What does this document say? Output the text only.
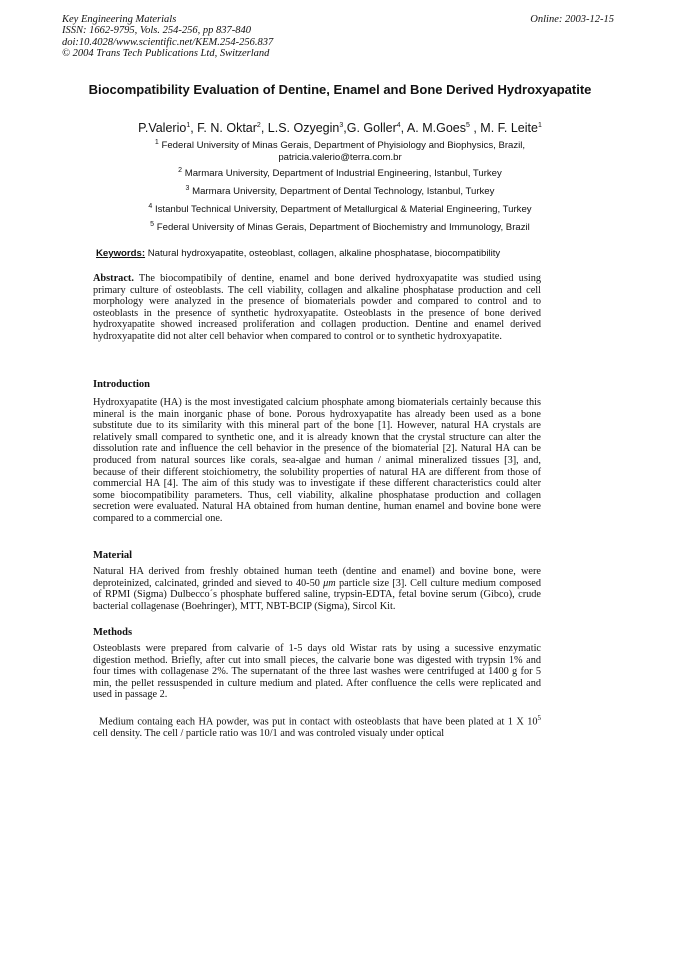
Key Engineering Materials
ISSN: 1662-9795, Vols. 254-256, pp 837-840
doi:10.4028/www.scientific.net/KEM.254-256.837
© 2004 Trans Tech Publications Ltd, Switzerland
Online: 2003-12-15
Biocompatibility Evaluation of Dentine, Enamel and Bone Derived Hydroxyapatite
P.Valerio$^1$, F. N. Oktar$^2$, L.S. Ozyegin$^3$,G. Goller$^4$, A. M.Goes$^5$ , M. F. Leite$^1$
$^1$ Federal University of Minas Gerais, Department of Phyisiology and Biophysics, Brazil,
patricia.valerio@terra.com.br
$^2$ Marmara University, Department of Industrial Engineering, Istanbul, Turkey
$^3$ Marmara University, Department of Dental Technology, Istanbul, Turkey
$^4$ Istanbul Technical University, Department of Metallurgical & Material Engineering, Turkey
$^5$ Federal University of Minas Gerais, Department of Biochemistry and Immunology, Brazil
Keywords: Natural hydroxyapatite, osteoblast, collagen, alkaline phosphatase, biocompatibility
Abstract. The biocompatibily of dentine, enamel and bone derived hydroxyapatite was studied using primary culture of osteoblasts. The cell viability, collagen and alkaline phosphatase production and cell morphology were analyzed in the presence of biomaterials powder and compared to control and to osteoblasts in the presence of synthetic hydroxyapatite. Osteoblasts in the presence of bone derived hydroxyapatite showed increased proliferation and collagen production. Dentine and enamel derived hydroxyapatite did not alter cell behavior when compared to control or to synthetic hydroxyapatite.
Introduction
Hydroxyapatite (HA) is the most investigated calcium phosphate among biomaterials certainly because this mineral is the main inorganic phase of bone. Porous hydroxyapatite has already been used as a bone substitute due to its similarity with this mineral part of the bone [1]. However, natural HA crystals are relatively small compared to synthetic one, and it is already known that the crystal structure can alter the dissolution rate and influence the cell behavior in the presence of the biomaterial [2]. Natural HA can be produced from natural sources like corals, sea-algae and human / animal mineralized tissues [3], and, because of their different stoichiometry, the solubility properties of natural HA are different from those of commercial HA [4]. The aim of this study was to investigate if these different characteristics could alter some biocompatibility parameters. Thus, cell viability, alkaline phosphatase production and collagen secretion were evaluated. Natural HA obtained from human dentine, human enamel and bovine bone were compared to a commercial one.
Material
Natural HA derived from freshly obtained human teeth (dentine and enamel) and bovine bone, were deproteinized, calcinated, grinded and sieved to 40-50 μm particle size [3]. Cell culture medium composed of RPMI (Sigma) Dulbecco´s phosphate buffered saline, trypsin-EDTA, fetal bovine serum (Gibco), crude bacterial collagenase (Boehringer), MTT, NBT-BCIP (Sigma), Sircol Kit.
Methods
Osteoblasts were prepared from calvarie of 1-5 days old Wistar rats by using a sucessive enzymatic digestion method. Briefly, after cut into small pieces, the calvarie bone was digested with trypsin 1% and four times with collagenase 2%. The supernatant of the three last washes were centrifuged at 1400 g for 5 min, the pellet ressuspended in culture medium and plated. After confluence the cells were replicated and used in passage 2.
Medium containg each HA powder, was put in contact with osteoblasts that have been plated at 1 X $10^5$ cell density. The cell / particle ratio was 10/1 and was controled visualy under optical
